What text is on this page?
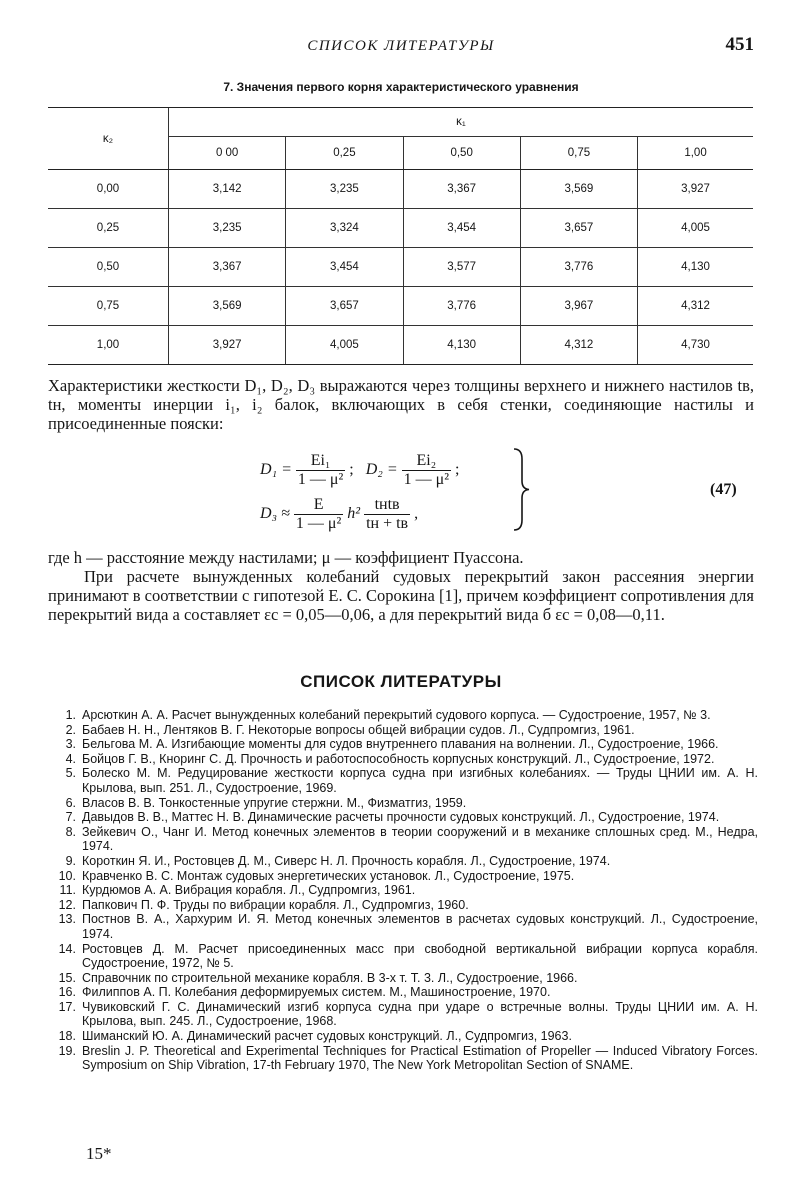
СПИСОК ЛИТЕРАТУРЫ	451
7. Значения первого корня характеристического уравнения
κ₂	κ₁				
	0 00	0,25	0,50	0,75	1,00
0,00	3,142	3,235	3,367	3,569	3,927
0,25	3,235	3,324	3,454	3,657	4,005
0,50	3,367	3,454	3,577	3,776	4,130
0,75	3,569	3,657	3,776	3,967	4,312
1,00	3,927	4,005	4,130	4,312	4,730
Характеристики жесткости D₁, D₂, D₃ выражаются через толщины верхнего и нижнего настилов tв, tн, моменты инерции i₁, i₂ балок, включающих в себя стенки, соединяющие настилы и присоединенные пояски:
$D_1 = \frac{\text{Ei₁}}{\text{1 — μ²}}$ ; $D_2 = \frac{\text{Ei₂}}{\text{1 — μ²}}$ ;
$D_3 \approx \frac{E}{\text{1 — μ²}} h^2 \frac{\text{tнtв}}{tн + tв}$ ,
(47)
где h — расстояние между настилами; μ — коэффициент Пуассона.
При расчете вынужденных колебаний судовых перекрытий закон рассеяния энергии принимают в соответствии с гипотезой Е. С. Сорокина [1], причем коэффициент сопротивления для перекрытий вида а составляет εc = 0,05—0,06, а для перекрытий вида б εc = 0,08—0,11.
СПИСОК ЛИТЕРАТУРЫ
1. Арсюткин А. А. Расчет вынужденных колебаний перекрытий судового корпуса. — Судостроение, 1957, № 3.
2. Бабаев Н. Н., Лентяков В. Г. Некоторые вопросы общей вибрации судов. Л., Судпромгиз, 1961.
3. Бельгова М. А. Изгибающие моменты для судов внутреннего плавания на волнении. Л., Судостроение, 1966.
4. Бойцов Г. В., Кноринг С. Д. Прочность и работоспособность корпусных конструкций. Л., Судостроение, 1972.
5. Болеско М. М. Редуцирование жесткости корпуса судна при изгибных колебаниях. — Труды ЦНИИ им. А. Н. Крылова, вып. 251. Л., Судостроение, 1969.
6. Власов В. В. Тонкостенные упругие стержни. М., Физматгиз, 1959.
7. Давыдов В. В., Маттес Н. В. Динамические расчеты прочности судовых конструкций. Л., Судостроение, 1974.
8. Зейкевич О., Чанг И. Метод конечных элементов в теории сооружений и в механике сплошных сред. М., Недра, 1974.
9. Короткин Я. И., Ростовцев Д. М., Сиверс Н. Л. Прочность корабля. Л., Судостроение, 1974.
10. Кравченко В. С. Монтаж судовых энергетических установок. Л., Судостроение, 1975.
11. Курдюмов А. А. Вибрация корабля. Л., Судпромгиз, 1961.
12. Папкович П. Ф. Труды по вибрации корабля. Л., Судпромгиз, 1960.
13. Постнов В. А., Хархурим И. Я. Метод конечных элементов в расчетах судовых конструкций. Л., Судостроение, 1974.
14. Ростовцев Д. М. Расчет присоединенных масс при свободной вертикальной вибрации корпуса корабля. Судостроение, 1972, № 5.
15. Справочник по строительной механике корабля. В 3-х т. Т. 3. Л., Судостроение, 1966.
16. Филиппов А. П. Колебания деформируемых систем. М., Машиностроение, 1970.
17. Чувиковский Г. С. Динамический изгиб корпуса судна при ударе о встречные волны. Труды ЦНИИ им. А. Н. Крылова, вып. 245. Л., Судостроение, 1968.
18. Шиманский Ю. А. Динамический расчет судовых конструкций. Л., Судпромгиз, 1963.
19. Breslin J. P. Theoretical and Experimental Techniques for Practical Estimation of Propeller — Induced Vibratory Forces. Symposium on Ship Vibration, 17-th February 1970, The New York Metropolitan Section of SNAME.
15*
